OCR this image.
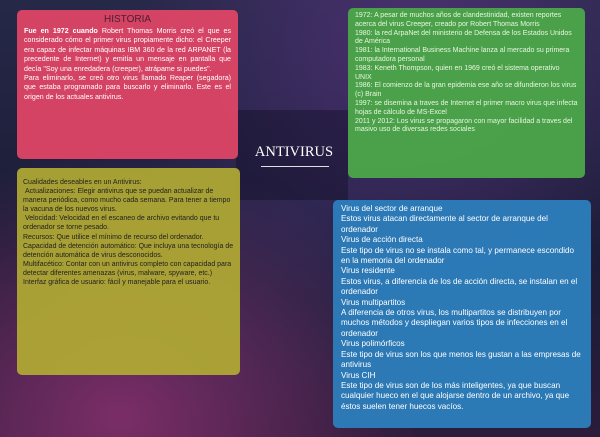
HISTORIA

Fue en 1972 cuando Robert Thomas Morris creó el que es considerado cómo el primer virus propiamente dicho: el Creeper era capaz de infectar máquinas IBM 360 de la red ARPANET (la precedente de Internet) y emitía un mensaje en pantalla que decía "Soy una enredadera (creeper), atrápame si puedes".

Para eliminarlo, se creó otro virus llamado Reaper (segadora) que estaba programado para buscarlo y eliminarlo. Este es el origen de los actuales antivirus.

1972: A pesar de muchos años de clandestinidad, existen reportes acerca del virus Creeper, creado por Robert Thomas Morris

1980: la red ArpaNet del ministerio de Defensa de los Estados Unidos de América

1981: la International Business Machine lanza al mercado su primera computadora personal

1983: Keneth Thompson, quien en 1969 creó el sistema operativo UNIX

1986: El comienzo de la gran epidemia ese año se difundieron los virus (c) Brain

1997: se disemina a traves de Internet el primer macro virus que infecta hojas de cálculo de MS-Excel

2011 y 2012: Los virus se propagaron con mayor facilidad a traves del masivo uso de diversas redes sociales

ANTIVIRUS

Cualidades deseables en un Antivirus:

Actualizaciones: Elegir antivirus que se puedan actualizar de manera periódica, como mucho cada semana. Para tener a tiempo la vacuna de los nuevos virus.

Velocidad: Velocidad en el escaneo de archivo evitando que tu ordenador se torne pesado.

Recursos: Que utilice el mínimo de recurso del ordenador.

Capacidad de detención automático: Que incluya una tecnología de detención automática de virus desconocidos.

Multifacético: Contar con un antivirus completo con capacidad para detectar diferentes amenazas (virus, malware, spyware, etc.)

Interfaz gráfica de usuario: fácil y manejable para el usuario.

Virus del sector de arranque

Estos virus atacan directamente al sector de arranque del ordenador

Virus de acción directa

Este tipo de virus no se instala como tal, y permanece escondido en la memoria del ordenador

Virus residente

Estos virus, a diferencia de los de acción directa, se instalan en el ordenador

Virus multipartitos

A diferencia de otros virus, los multipartitos se distribuyen por muchos métodos y despliegan varios tipos de infecciones en el ordenador

Virus polimórficos

Este tipo de virus son los que menos les gustan a las empresas de antivirus

Virus CIH

Este tipo de virus son de los más inteligentes, ya que buscan cualquier hueco en el que alojarse dentro de un archivo, ya que éstos suelen tener huecos vacíos.
